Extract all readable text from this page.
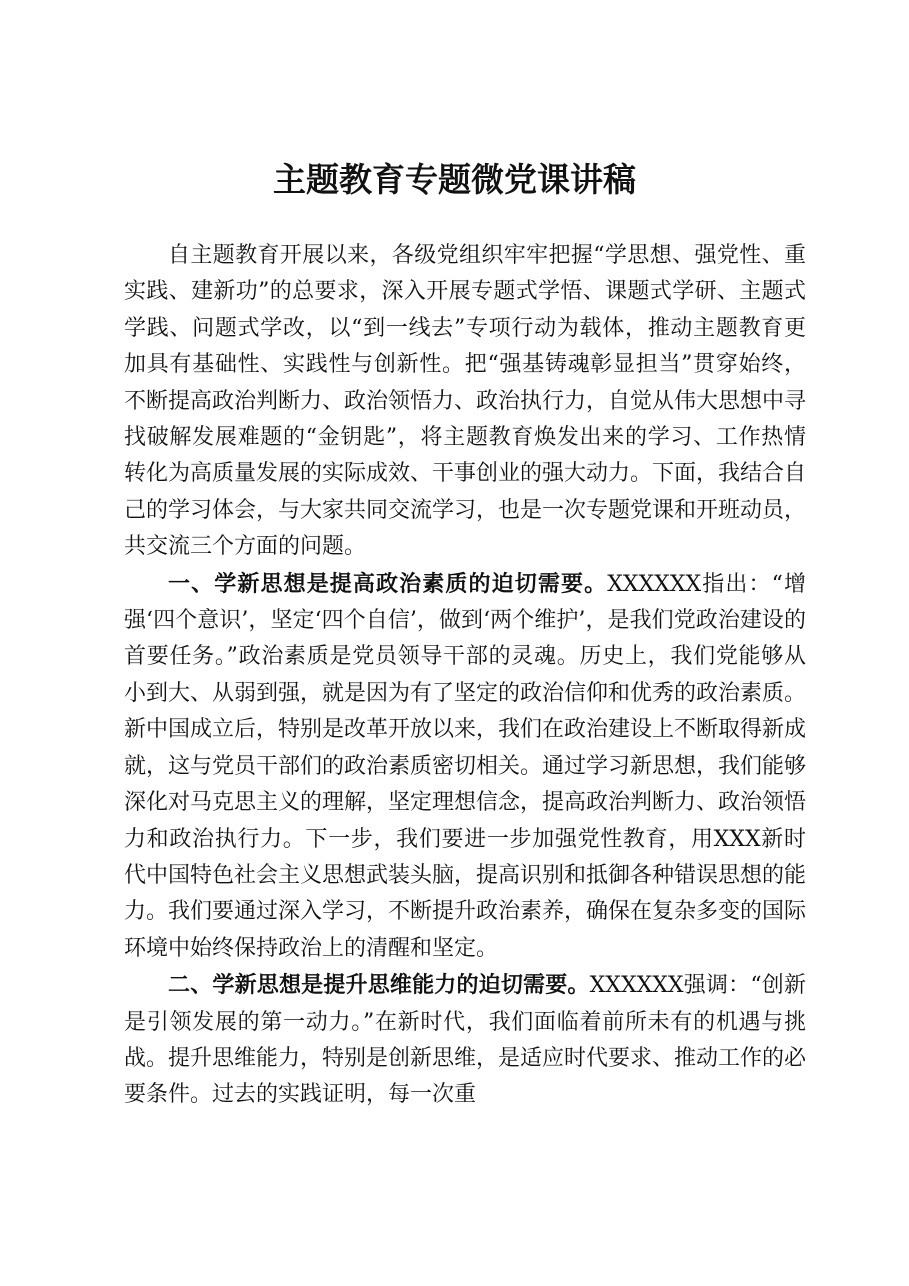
主题教育专题微党课讲稿

自主题教育开展以来，各级党组织牢牢把握“学思想、强党性、重实践、建新功”的总要求，深入开展专题式学悟、课题式学研、主题式学践、问题式学改，以“到一线去”专项行动为载体，推动主题教育更加具有基础性、实践性与创新性。把“强基铸魂彰显担当”贯穿始终，不断提高政治判断力、政治领悟力、政治执行力，自觉从伟大思想中寻找破解发展难题的“金钥匙”，将主题教育焕发出来的学习、工作热情转化为高质量发展的实际成效、干事创业的强大动力。下面，我结合自己的学习体会，与大家共同交流学习，也是一次专题党课和开班动员，共交流三个方面的问题。

一、学新思想是提高政治素质的迫切需要。XXXXXX指出：“增强‘四个意识’，坚定‘四个自信’，做到‘两个维护’，是我们党政治建设的首要任务。”政治素质是党员领导干部的灵魂。历史上，我们党能够从小到大、从弱到强，就是因为有了坚定的政治信仰和优秀的政治素质。新中国成立后，特别是改革开放以来，我们在政治建设上不断取得新成就，这与党员干部们的政治素质密切相关。通过学习新思想，我们能够深化对马克思主义的理解，坚定理想信念，提高政治判断力、政治领悟力和政治执行力。下一步，我们要进一步加强党性教育，用XXX新时代中国特色社会主义思想武装头脑，提高识别和抵御各种错误思想的能力。我们要通过深入学习，不断提升政治素养，确保在复杂多变的国际环境中始终保持政治上的清醒和坚定。

二、学新思想是提升思维能力的迫切需要。XXXXXX强调：“创新是引领发展的第一动力。”在新时代，我们面临着前所未有的机遇与挑战。提升思维能力，特别是创新思维，是适应时代要求、推动工作的必要条件。过去的实践证明，每一次重
